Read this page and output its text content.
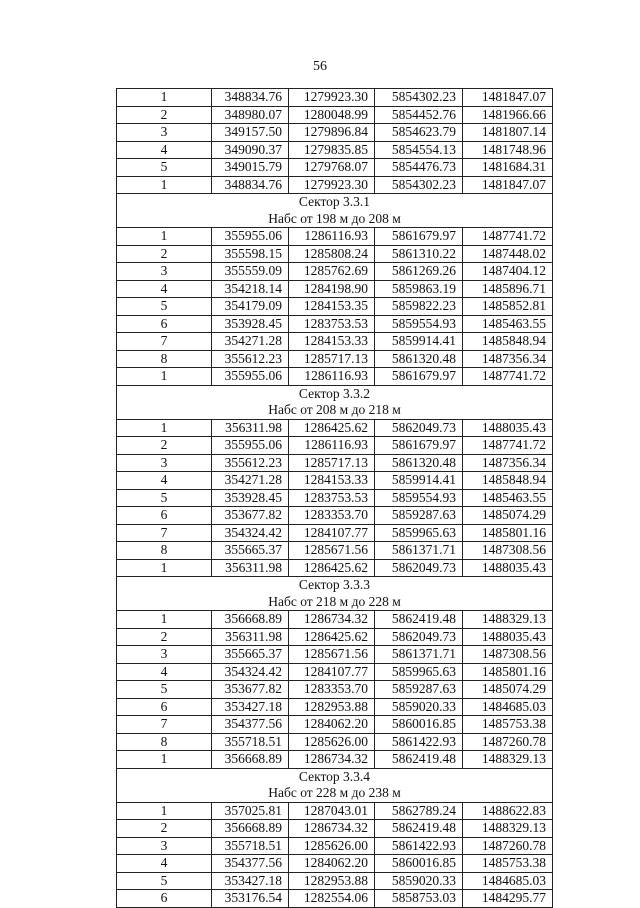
56
1	348834.76	1279923.30	5854302.23	1481847.07
2	348980.07	1280048.99	5854452.76	1481966.66
3	349157.50	1279896.84	5854623.79	1481807.14
4	349090.37	1279835.85	5854554.13	1481748.96
5	349015.79	1279768.07	5854476.73	1481684.31
1	348834.76	1279923.30	5854302.23	1481847.07
Сектор 3.3.1				
Набс от 198 м до 208 м				
1	355955.06	1286116.93	5861679.97	1487741.72
2	355598.15	1285808.24	5861310.22	1487448.02
3	355559.09	1285762.69	5861269.26	1487404.12
4	354218.14	1284198.90	5859863.19	1485896.71
5	354179.09	1284153.35	5859822.23	1485852.81
6	353928.45	1283753.53	5859554.93	1485463.55
7	354271.28	1284153.33	5859914.41	1485848.94
8	355612.23	1285717.13	5861320.48	1487356.34
1	355955.06	1286116.93	5861679.97	1487741.72
Сектор 3.3.2				
Набс от 208 м до 218 м				
1	356311.98	1286425.62	5862049.73	1488035.43
2	355955.06	1286116.93	5861679.97	1487741.72
3	355612.23	1285717.13	5861320.48	1487356.34
4	354271.28	1284153.33	5859914.41	1485848.94
5	353928.45	1283753.53	5859554.93	1485463.55
6	353677.82	1283353.70	5859287.63	1485074.29
7	354324.42	1284107.77	5859965.63	1485801.16
8	355665.37	1285671.56	5861371.71	1487308.56
1	356311.98	1286425.62	5862049.73	1488035.43
Сектор 3.3.3				
Набс от 218 м до 228 м				
1	356668.89	1286734.32	5862419.48	1488329.13
2	356311.98	1286425.62	5862049.73	1488035.43
3	355665.37	1285671.56	5861371.71	1487308.56
4	354324.42	1284107.77	5859965.63	1485801.16
5	353677.82	1283353.70	5859287.63	1485074.29
6	353427.18	1282953.88	5859020.33	1484685.03
7	354377.56	1284062.20	5860016.85	1485753.38
8	355718.51	1285626.00	5861422.93	1487260.78
1	356668.89	1286734.32	5862419.48	1488329.13
Сектор 3.3.4				
Набс от 228 м до 238 м				
1	357025.81	1287043.01	5862789.24	1488622.83
2	356668.89	1286734.32	5862419.48	1488329.13
3	355718.51	1285626.00	5861422.93	1487260.78
4	354377.56	1284062.20	5860016.85	1485753.38
5	353427.18	1282953.88	5859020.33	1484685.03
6	353176.54	1282554.06	5858753.03	1484295.77
